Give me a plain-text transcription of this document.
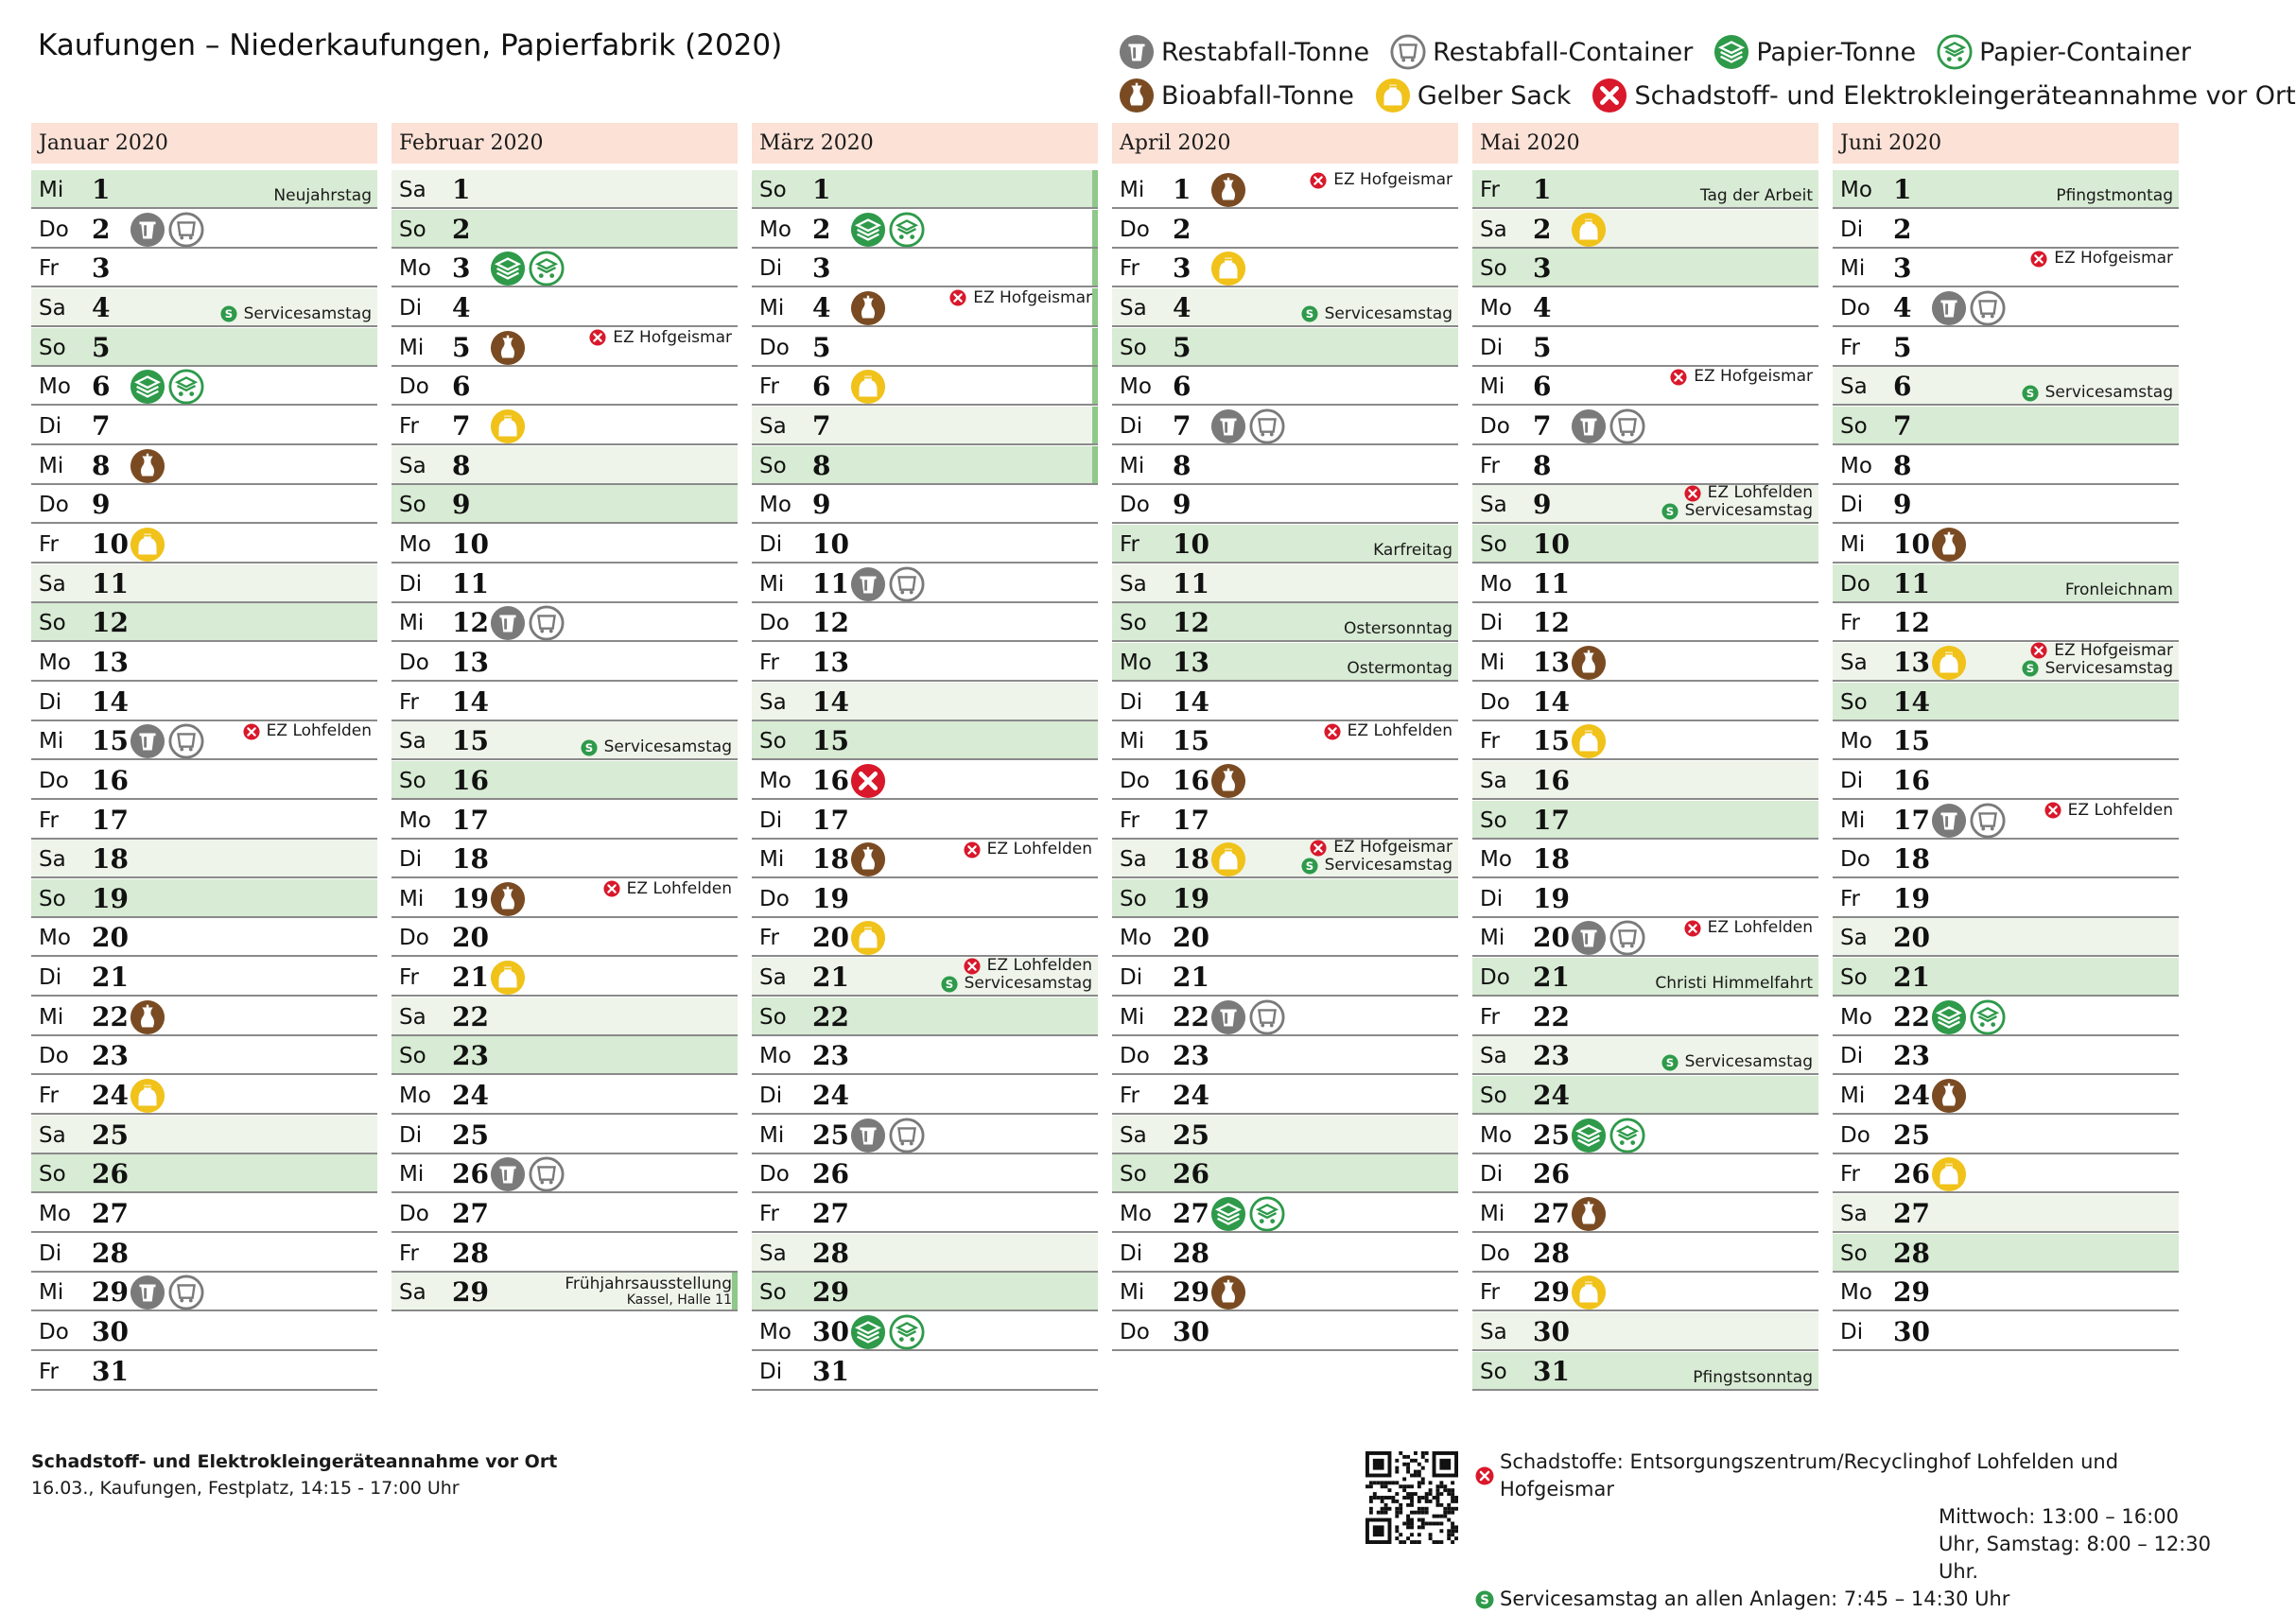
Kaufungen – Niederkaufungen, Papierfabrik (2020)	Restabfall-Tonne Restabfall-Container Papier-Tonne Papier-Container
Bioabfall-Tonne Gelber Sack Schadstoff- und Elektrokleingeräteannahme vor Ort
Januar 2020
Mi 1	Neujahrstag
Do 2
Fr 3
Sa 4	S Servicesamstag
So 5
Mo 6
Di 7
Mi 8
Do 9
Fr 10
Sa 11
So 12
Mo 13
Di 14
Mi 15	EZ Lohfelden
Do 16
Fr 17
Sa 18
So 19
Mo 20
Di 21
Mi 22
Do 23
Fr 24
Sa 25
So 26
Mo 27
Di 28
Mi 29
Do 30
Fr 31
Februar 2020
Sa 1
So 2
Mo 3
Di 4
Mi 5	EZ Hofgeismar
Do 6
Fr 7
Sa 8
So 9
Mo 10
Di 11
Mi 12
Do 13
Fr 14
Sa 15	S Servicesamstag
So 16
Mo 17
Di 18
Mi 19	EZ Lohfelden
Do 20
Fr 21
Sa 22
So 23
Mo 24
Di 25
Mi 26
Do 27
Fr 28
Sa 29	Frühjahrsausstellung
Kassel, Halle 11
März 2020
So 1
Mo 2
Di 3
Mi 4	EZ Hofgeismar
Do 5
Fr 6
Sa 7
So 8
Mo 9
Di 10
Mi 11
Do 12
Fr 13
Sa 14
So 15
Mo 16
Di 17
Mi 18	EZ Lohfelden
Do 19
Fr 20
Sa 21	EZ Lohfelden
S Servicesamstag
So 22
Mo 23
Di 24
Mi 25
Do 26
Fr 27
Sa 28
So 29
Mo 30
Di 31
April 2020
Mi 1	EZ Hofgeismar
Do 2
Fr 3
Sa 4	S Servicesamstag
So 5
Mo 6
Di 7
Mi 8
Do 9
Fr 10	Karfreitag
Sa 11
So 12	Ostersonntag
Mo 13	Ostermontag
Di 14
Mi 15	EZ Lohfelden
Do 16
Fr 17
Sa 18	EZ Hofgeismar
S Servicesamstag
So 19
Mo 20
Di 21
Mi 22
Do 23
Fr 24
Sa 25
So 26
Mo 27
Di 28
Mi 29
Do 30
Mai 2020
Fr 1	Tag der Arbeit
Sa 2
So 3
Mo 4
Di 5
Mi 6	EZ Hofgeismar
Do 7
Fr 8
Sa 9	EZ Lohfelden
S Servicesamstag
So 10
Mo 11
Di 12
Mi 13
Do 14
Fr 15
Sa 16
So 17
Mo 18
Di 19
Mi 20	EZ Lohfelden
Do 21	Christi Himmelfahrt
Fr 22
Sa 23	S Servicesamstag
So 24
Mo 25
Di 26
Mi 27
Do 28
Fr 29
Sa 30
So 31	Pfingstsonntag
Juni 2020
Mo 1	Pfingstmontag
Di 2
Mi 3	EZ Hofgeismar
Do 4
Fr 5
Sa 6	S Servicesamstag
So 7
Mo 8
Di 9
Mi 10
Do 11	Fronleichnam
Fr 12
Sa 13	EZ Hofgeismar
S Servicesamstag
So 14
Mo 15
Di 16
Mi 17	EZ Lohfelden
Do 18
Fr 19
Sa 20
So 21
Mo 22
Di 23
Mi 24
Do 25
Fr 26
Sa 27
So 28
Mo 29
Di 30
Schadstoff- und Elektrokleingeräteannahme vor Ort
16.03., Kaufungen, Festplatz, 14:15 - 17:00 Uhr
Schadstoffe: Entsorgungszentrum/Recyclinghof Lohfelden und Hofgeismar
Mittwoch: 13:00 – 16:00 Uhr, Samstag: 8:00 – 12:30 Uhr.
S Servicesamstag an allen Anlagen: 7:45 – 14:30 Uhr
